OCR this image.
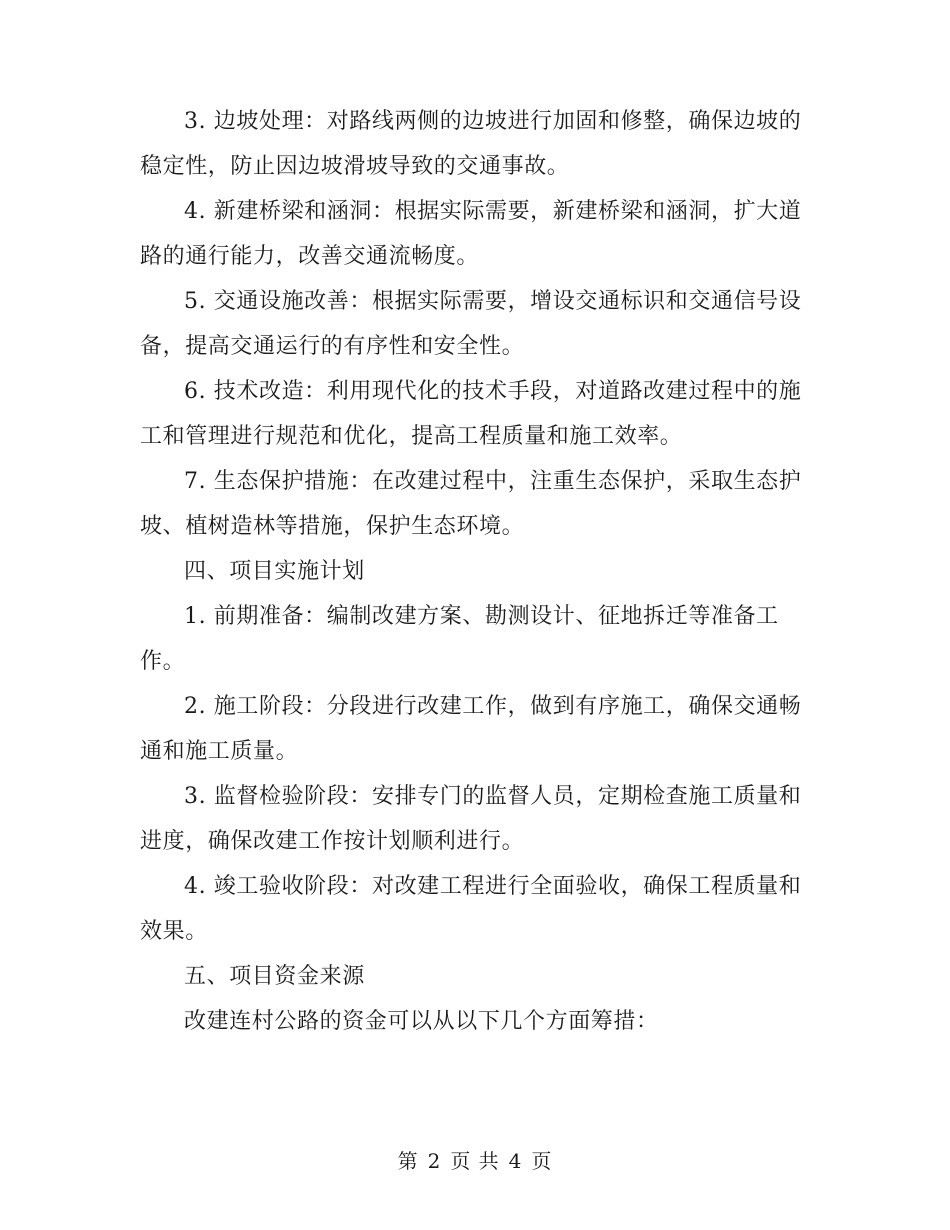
3. 边坡处理：对路线两侧的边坡进行加固和修整，确保边坡的稳定性，防止因边坡滑坡导致的交通事故。

4. 新建桥梁和涵洞：根据实际需要，新建桥梁和涵洞，扩大道路的通行能力，改善交通流畅度。

5. 交通设施改善：根据实际需要，增设交通标识和交通信号设备，提高交通运行的有序性和安全性。

6. 技术改造：利用现代化的技术手段，对道路改建过程中的施工和管理进行规范和优化，提高工程质量和施工效率。

7. 生态保护措施：在改建过程中，注重生态保护，采取生态护坡、植树造林等措施，保护生态环境。

四、项目实施计划

1. 前期准备：编制改建方案、勘测设计、征地拆迁等准备工作。

2. 施工阶段：分段进行改建工作，做到有序施工，确保交通畅通和施工质量。

3. 监督检验阶段：安排专门的监督人员，定期检查施工质量和进度，确保改建工作按计划顺利进行。

4. 竣工验收阶段：对改建工程进行全面验收，确保工程质量和效果。

五、项目资金来源

改建连村公路的资金可以从以下几个方面筹措：

第 2 页 共 4 页
